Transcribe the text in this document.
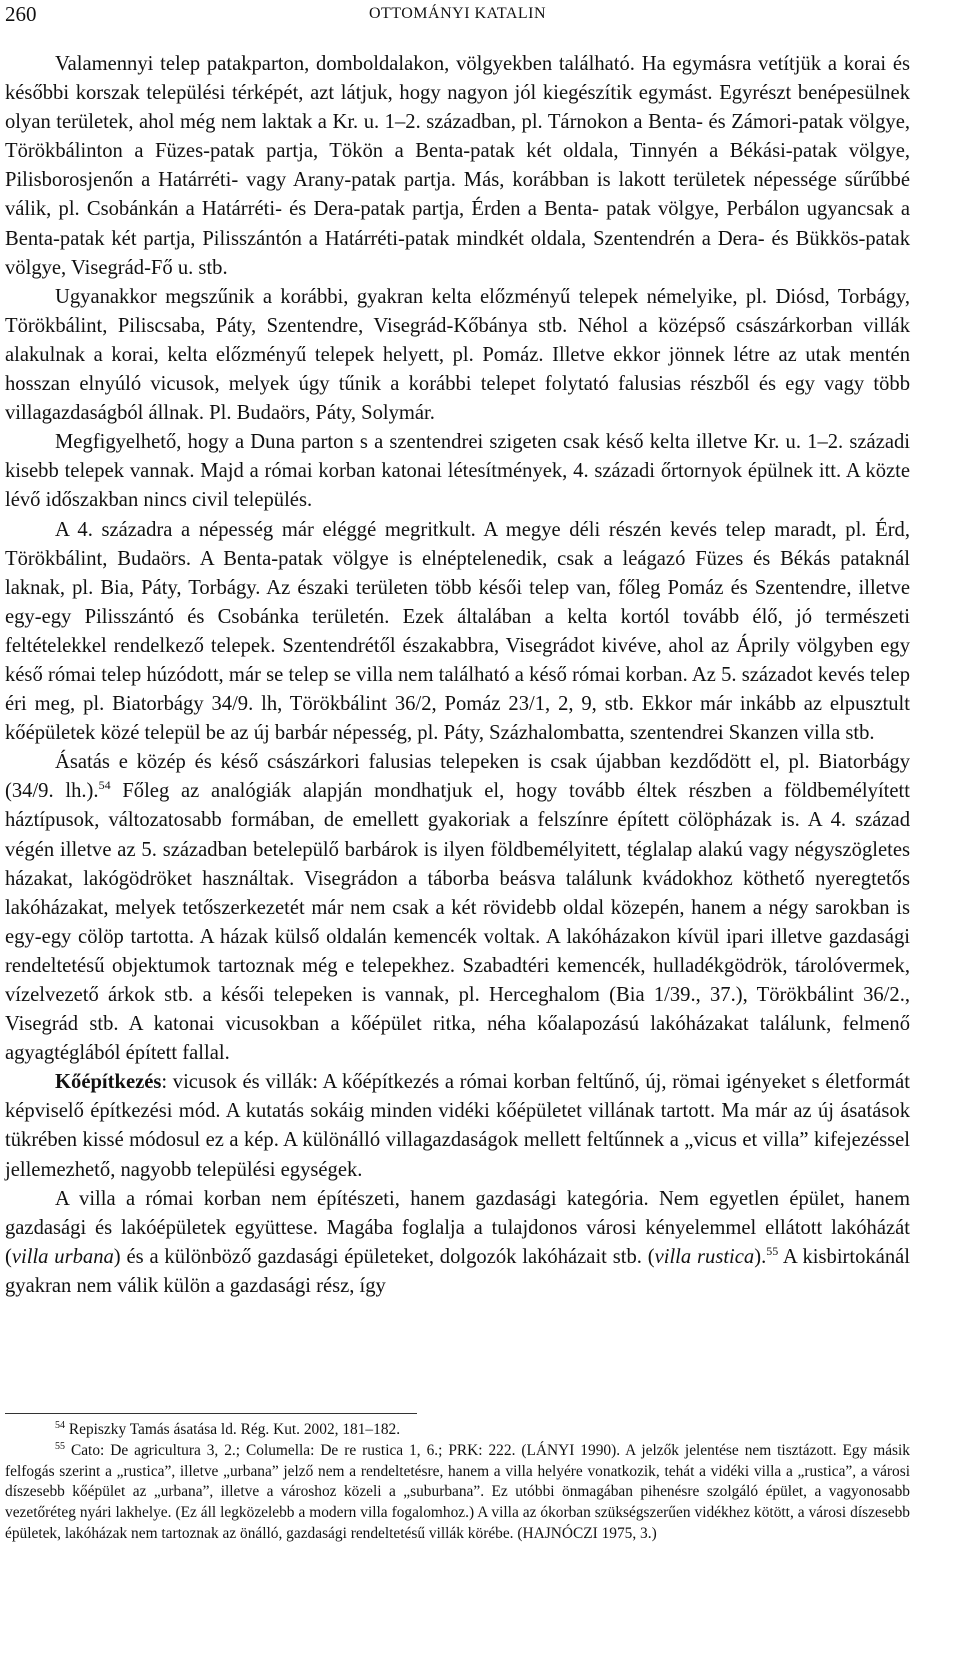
260	OTTOMÁNYI KATALIN

Valamennyi telep patakparton, domboldalakon, völgyekben található. Ha egymásra vetítjük a korai és későbbi korszak települési térképét, azt látjuk, hogy nagyon jól kiegészítik egymást. Egyrészt benépesülnek olyan területek, ahol még nem laktak a Kr. u. 1–2. században, pl. Tárnokon a Benta- és Zámori-patak völgye, Törökbálinton a Füzes-patak partja, Tökön a Benta-patak két oldala, Tinnyén a Békási-patak völgye, Pilisborosjenőn a Határréti- vagy Arany-patak partja. Más, korábban is lakott területek népessége sűrűbbé válik, pl. Csobánkán a Határréti- és Dera-patak partja, Érden a Benta- patak völgye, Perbálon ugyancsak a Benta-patak két partja, Pilisszántón a Határréti-patak mindkét oldala, Szentendrén a Dera- és Bükkös-patak völgye, Visegrád-Fő u. stb.

Ugyanakkor megszűnik a korábbi, gyakran kelta előzményű telepek némelyike, pl. Diósd, Torbágy, Törökbálint, Piliscsaba, Páty, Szentendre, Visegrád-Kőbánya stb. Néhol a középső császárkorban villák alakulnak a korai, kelta előzményű telepek helyett, pl. Pomáz. Illetve ekkor jönnek létre az utak mentén hosszan elnyúló vicusok, melyek úgy tűnik a korábbi telepet folytató falusias részből és egy vagy több villagazdaságból állnak. Pl. Budaörs, Páty, Solymár.

Megfigyelhető, hogy a Duna parton s a szentendrei szigeten csak késő kelta illetve Kr. u. 1–2. századi kisebb telepek vannak. Majd a római korban katonai létesítmények, 4. századi őrtornyok épülnek itt. A közte lévő időszakban nincs civil település.

A 4. századra a népesség már eléggé megritkult. A megye déli részén kevés telep maradt, pl. Érd, Törökbálint, Budaörs. A Benta-patak völgye is elnéptelenedik, csak a leágazó Füzes és Békás pataknál laknak, pl. Bia, Páty, Torbágy. Az északi területen több késői telep van, főleg Pomáz és Szentendre, illetve egy-egy Pilisszántó és Csobánka területén. Ezek általában a kelta kortól tovább élő, jó természeti feltételekkel rendelkező telepek. Szentendrétől északabbra, Visegrádot kivéve, ahol az Áprily völgyben egy késő római telep húzódott, már se telep se villa nem található a késő római korban. Az 5. századot kevés telep éri meg, pl. Biatorbágy 34/9. lh, Törökbálint 36/2, Pomáz 23/1, 2, 9, stb. Ekkor már inkább az elpusztult kőépületek közé települ be az új barbár népesség, pl. Páty, Százhalombatta, szentendrei Skanzen villa stb.

Ásatás e közép és késő császárkori falusias telepeken is csak újabban kezdődött el, pl. Biatorbágy (34/9. lh.).$^{54}$ Főleg az analógiák alapján mondhatjuk el, hogy tovább éltek részben a földbemélyített háztípusok, változatosabb formában, de emellett gyakoriak a felszínre épített cölöpházak is. A 4. század végén illetve az 5. században betelepülő barbárok is ilyen földbemélyitett, téglalap alakú vagy négyszögletes házakat, lakógödröket használtak. Visegrádon a táborba beásva találunk kvádokhoz köthető nyeregtetős lakóházakat, melyek tetőszerkezetét már nem csak a két rövidebb oldal közepén, hanem a négy sarokban is egy-egy cölöp tartotta. A házak külső oldalán kemencék voltak. A lakóházakon kívül ipari illetve gazdasági rendeltetésű objektumok tartoznak még e telepekhez. Szabadtéri kemencék, hulladékgödrök, tárolóvermek, vízelvezető árkok stb. a késői telepeken is vannak, pl. Herceghalom (Bia 1/39., 37.), Törökbálint 36/2., Visegrád stb. A katonai vicusokban a kőépület ritka, néha kőalapozású lakóházakat találunk, felmenő agyagtéglából épített fallal.

Kőépítkezés: vicusok és villák: A kőépítkezés a római korban feltűnő, új, römai igényeket s életformát képviselő építkezési mód. A kutatás sokáig minden vidéki kőépületet villának tartott. Ma már az új ásatások tükrében kissé módosul ez a kép. A különálló villagazdaságok mellett feltűnnek a „vicus et villa” kifejezéssel jellemezhető, nagyobb települési egységek.

A villa a római korban nem építészeti, hanem gazdasági kategória. Nem egyetlen épület, hanem gazdasági és lakóépületek együttese. Magába foglalja a tulajdonos városi kényelemmel ellátott lakóházát (villa urbana) és a különböző gazdasági épületeket, dolgozók lakóházait stb. (villa rustica).$^{55}$ A kisbirtokánál gyakran nem válik külön a gazdasági rész, így

$^{54}$ Repiszky Tamás ásatása ld. Rég. Kut. 2002, 181–182.

$^{55}$ Cato: De agricultura 3, 2.; Columella: De re rustica 1, 6.; PRK: 222. (LÁNYI 1990). A jelzők jelentése nem tisztázott. Egy másik felfogás szerint a „rustica”, illetve „urbana” jelző nem a rendeltetésre, hanem a villa helyére vonatkozik, tehát a vidéki villa a „rustica”, a városi díszesebb kőépület az „urbana”, illetve a városhoz közeli a „suburbana”. Ez utóbbi önmagában pihenésre szolgáló épület, a vagyonosabb vezetőréteg nyári lakhelye. (Ez áll legközelebb a modern villa fogalomhoz.) A villa az ókorban szükségszerűen vidékhez kötött, a városi díszesebb épületek, lakóházak nem tartoznak az önálló, gazdasági rendeltetésű villák körébe. (HAJNÓCZI 1975, 3.)
